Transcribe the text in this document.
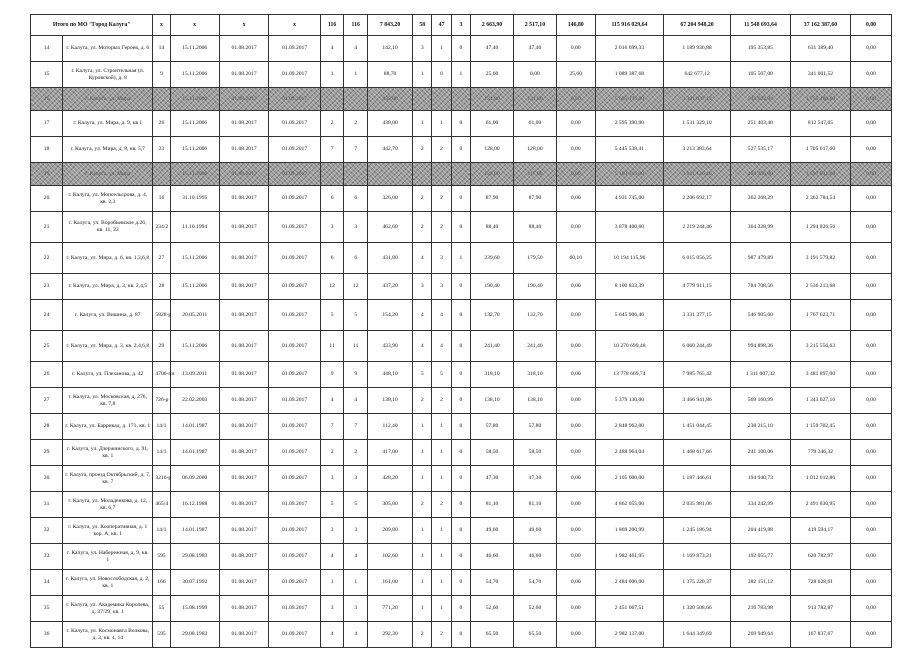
Итого по МО "Город Калуга"		x	x	x	x	116	116	7 843,20	58	47	3	2 663,90	2 517,10	146,80	115 916 029,64	67 204 948,20	11 548 693,64	37 162 387,60	0,00
14	г. Калуга, ул. Моторых Героев, д. 6	14	15.11.2006	01.08.2017	01.09.2017	4	4	142,10	3	1	0	47,40	47,40	0,00	2 016 699,33	1 189 936,88	195 353,85	631 389,40	0,00
15	г. Калуга, ул. Строительная (п. Куровской), д. 8	9	15.11.2006	01.08.2017	01.09.2017	1	1	88,70	1	0	1	25,60	0,00	25,60	1 089 387,68	642 677,12	105 507,00	341 001,52	0,00
16	г. Калуга, ул. Мира		15.11.2006	01.08.2017	01.09.2017			435,00				131,80	131,80	0,00	5 605 175,00	3 301 037,13	543 622,84	1 755 486,80	0,00
17	г. Калуга, ул. Мира, д. 9, кв 1	26	15.11.2006	01.08.2017	01.09.2017	2	2	438,00	1	1	0	61,00	61,00	0,00	2 595 390,00	1 531 329,10	251 403,40	812 547,65	0,00
18	г. Калуга, ул. Мира, д. 8, кв. 5,7	23	15.11.2006	01.08.2017	01.09.2017	7	7	442,70	2	2	0	128,00	128,00	0,00	5 445 538,41	3 213 383,64	527 535,17	1 705 017,60	0,00
19	г. Калуга, ул. Мира		15.11.2006	01.08.2017	01.09.2017							128,00	117,00	0,00	5 103 315,00	3 011 126,40	494 356,80	1 597 831,80	0,00
20	г. Калуга, ул. Мопсельсрова, д. 4, кв. 2,3	16	31.10.1995	01.08.2017	01.09.2017	6	6	326,00	2	2	0	87,90	87,90	0,00	4 931 745,00	2 206 692,17	362 268,29	2 362 784,54	0,00
21	г. Калуга, ул. Воробьевское д.26, кв. 11, 22	234/2	11.10.1994	01.08.2017	01.09.2017	3	3	462,60	2	2	0	88,40	88,40	0,00	3 878 400,60	2 219 244,46	364 328,99	1 294 826,56	0,00
22	г. Калуга, ул. Мира, д. 6, кв. 1,3,6,8	27	15.11.2006	01.08.2017	01.09.2017	6	6	431,80	4	3	1	239,60	179,50	60,10	10 194 115,96	6 015 056,25	987 479,89	3 191 579,82	0,00
23	г. Калуга, ул. Мира, д. 3, кв. 2,4,5	28	15.11.2006	01.08.2017	01.09.2017	12	12	437,20	3	3	0	190,40	190,40	0,00	8 100 833,39	4 779 911,15	784 708,56	2 536 213,68	0,00
24	г. Калуга, ул. Вишина, д. 87	5828-р	20.05.2011	01.08.2017	01.09.2017	5	5	154,20	4	4	0	132,70	132,70	0,00	5 645 906,46	3 331 377,15	546 905,60	1 767 623,71	0,00
25	г. Калуга, ул. Мира, д. 3, кв. 2,4,6,8	29	15.11.2006	01.08.2017	01.09.2017	11	11	433,90	4	4	0	241,40	241,40	0,00	10 270 699,48	6 060 244,49	994 898,36	3 215 556,63	0,00
26	г. Калуга, ул. Плеханова, д. 42	4706-пи	13.09.2011	01.08.2017	01.09.2017	9	9	448,10	5	5	0	318,10	318,10	0,00	13 778 669,74	7 985 765,42	1 311 007,32	3 481 897,00	0,00
27	г. Калуга, ул. Московская, д. 276, кв. 7,8	726-р	22.02.2003	01.08.2017	01.09.2017	4	4	138,10	2	2	0	138,10	138,10	0,00	5 379 130,00	3 466 941,86	569 160,99	1 343 027,16	0,00
28	г. Калуга, ул. Баррикад, д. 171, кв. 1	14/1	14.01.1987	01.08.2017	01.09.2017	7	7	112,40	1	1	0	57,80	57,80	0,00	2 848 962,00	1 451 044,45	238 215,10	1 159 702,45	0,00
29	г. Калуга, ул. Дзержинского, д. 91, кв. 1	14/1	14.01.1987	01.08.2017	01.09.2017	2	2	417,00	1	1	0	58,50	58,50	0,00	2 488 964,04	1 468 617,66	241 100,06	779 246,32	0,00
30	г. Калуга, проезд Октябрьский, д. 7, кв. 7	3216-р	06.09.2000	01.08.2017	01.09.2017	3	3	428,20	1	1	0	47,30	47,30	0,00	2 105 000,00	1 187 446,61	194 940,73	1 012 612,86	0,00
31	г. Калуга, ул. Моладенкова, д. 12, кв. 6,7	465/4	16.12.1988	01.08.2017	01.09.2017	5	5	305,00	2	2	0	81,10	81,10	0,00	4 862 055,00	2 035 981,06	334 242,99	2 491 830,95	0,00
32	г. Калуга, ул. Кооперативная, д. 1 кор. А, кв. 1	14/1	14.01.1987	01.08.2017	01.09.2017	3	3	209,80	1	1	0	49,60	49,60	0,00	1 869 200,99	1 245 186,94	204 419,88	419 594,17	0,00
33	г. Калуга, ул. Набережная, д. 9, кв. 1	595	29.08.1983	01.08.2017	01.09.2017	4	4	102,60	1	1	0	46,60	46,60	0,00	1 982 461,95	1 169 873,21	192 055,77	620 782,97	0,00
34	г. Калуга, ул. Новослободская, д. 2, кв. 1	166	30.07.1992	01.08.2017	01.09.2017	1	1	161,00	1	1	0	54,70	54,70	0,00	2 484 006,00	1 375 220,37	382 151,12	728 628,61	0,00
35	г. Калуга, ул. Академика Королева, д. 37/29, кв. 1	55	15.08.1999	01.08.2017	01.09.2017	3	3	771,20	1	1	0	52,60	52,60	0,00	2 451 067,51	1 320 508,66	216 783,98	913 782,87	0,00
36	г. Калуга, ул. Космонавта Волкова, д. 3, кв. 4, 14	595	29.08.1983	01.08.2017	01.09.2017	4	4	292,30	2	2	0	65,50	65,50	0,00	2 982 137,00	1 644 349,69	269 949,64	167 837,67	0,00
